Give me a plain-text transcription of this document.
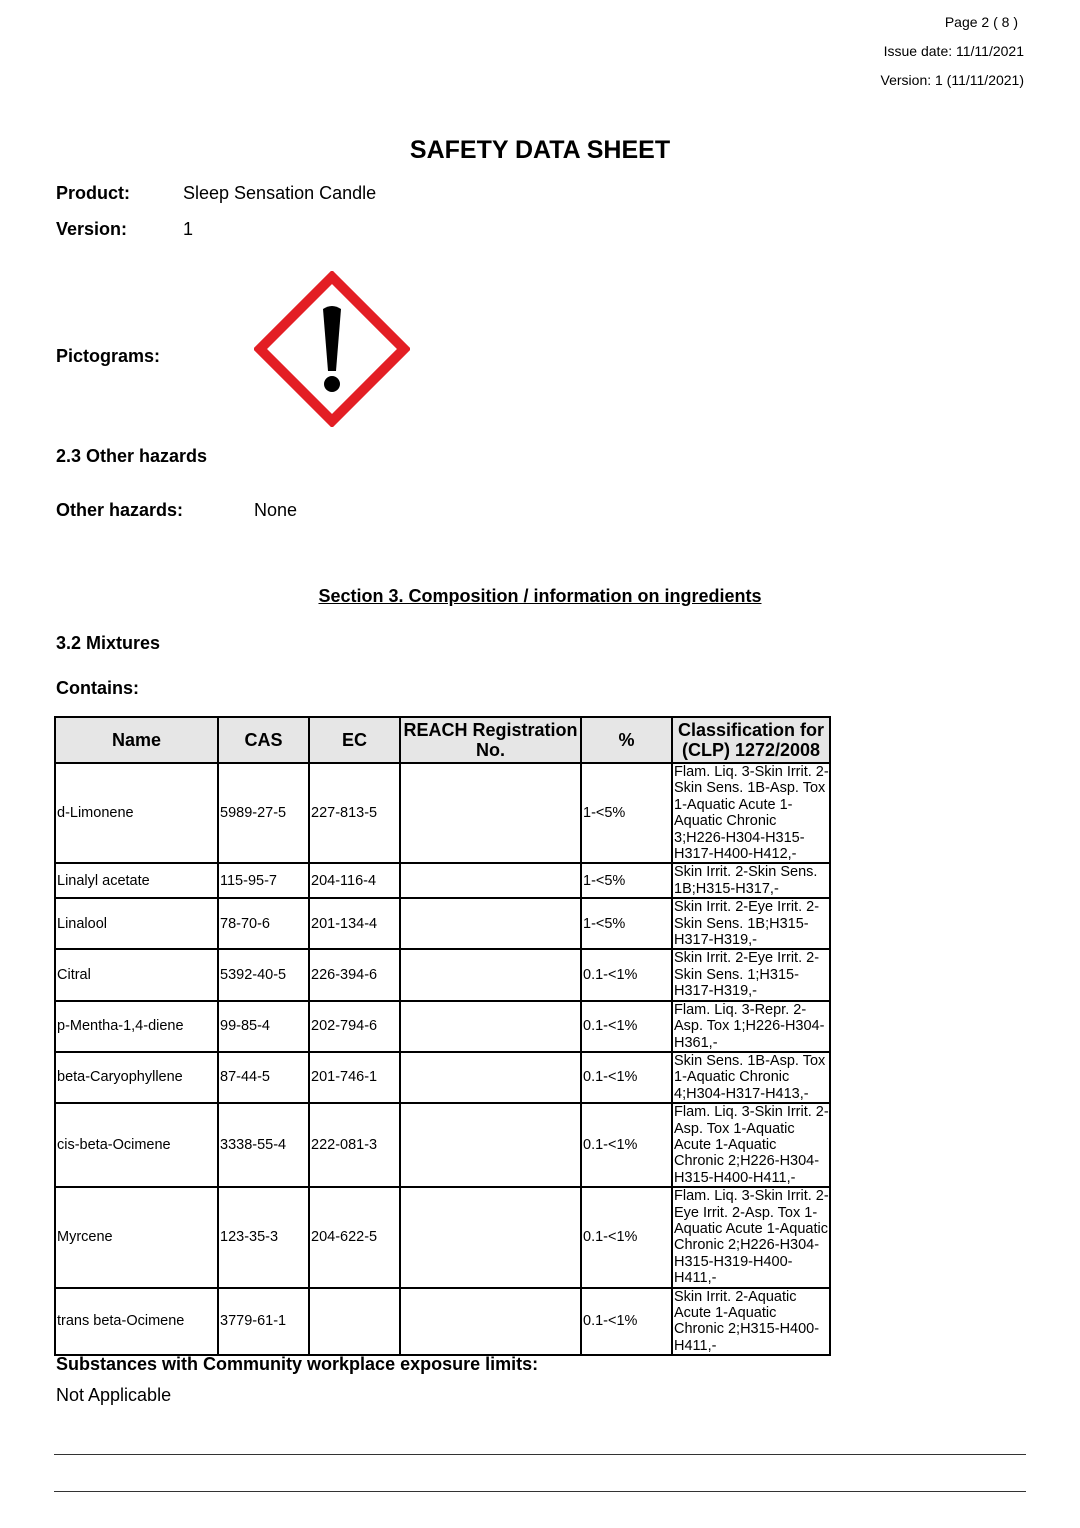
Page 2 ( 8 )
Issue date: 11/11/2021
Version: 1 (11/11/2021)
SAFETY DATA SHEET
Product:	Sleep Sensation Candle
Version:	1
Pictograms:
2.3 Other hazards
Other hazards:	None
Section 3. Composition / information on ingredients
3.2 Mixtures
Contains:
Name	CAS	EC	REACH Registration No.	%	Classification for (CLP) 1272/2008
d-Limonene	5989-27-5	227-813-5		1-<5%	Flam. Liq. 3-Skin Irrit. 2-Skin Sens. 1B-Asp. Tox 1-Aquatic Acute 1-Aquatic Chronic 3;H226-H304-H315-H317-H400-H412,-
Linalyl acetate	115-95-7	204-116-4		1-<5%	Skin Irrit. 2-Skin Sens. 1B;H315-H317,-
Linalool	78-70-6	201-134-4		1-<5%	Skin Irrit. 2-Eye Irrit. 2-Skin Sens. 1B;H315-H317-H319,-
Citral	5392-40-5	226-394-6		0.1-<1%	Skin Irrit. 2-Eye Irrit. 2-Skin Sens. 1;H315-H317-H319,-
p-Mentha-1,4-diene	99-85-4	202-794-6		0.1-<1%	Flam. Liq. 3-Repr. 2-Asp. Tox 1;H226-H304-H361,-
beta-Caryophyllene	87-44-5	201-746-1		0.1-<1%	Skin Sens. 1B-Asp. Tox 1-Aquatic Chronic 4;H304-H317-H413,-
cis-beta-Ocimene	3338-55-4	222-081-3		0.1-<1%	Flam. Liq. 3-Skin Irrit. 2-Asp. Tox 1-Aquatic Acute 1-Aquatic Chronic 2;H226-H304-H315-H400-H411,-
Myrcene	123-35-3	204-622-5		0.1-<1%	Flam. Liq. 3-Skin Irrit. 2-Eye Irrit. 2-Asp. Tox 1-Aquatic Acute 1-Aquatic Chronic 2;H226-H304-H315-H319-H400-H411,-
trans beta-Ocimene	3779-61-1			0.1-<1%	Skin Irrit. 2-Aquatic Acute 1-Aquatic Chronic 2;H315-H400-H411,-
Substances with Community workplace exposure limits:
Not Applicable
